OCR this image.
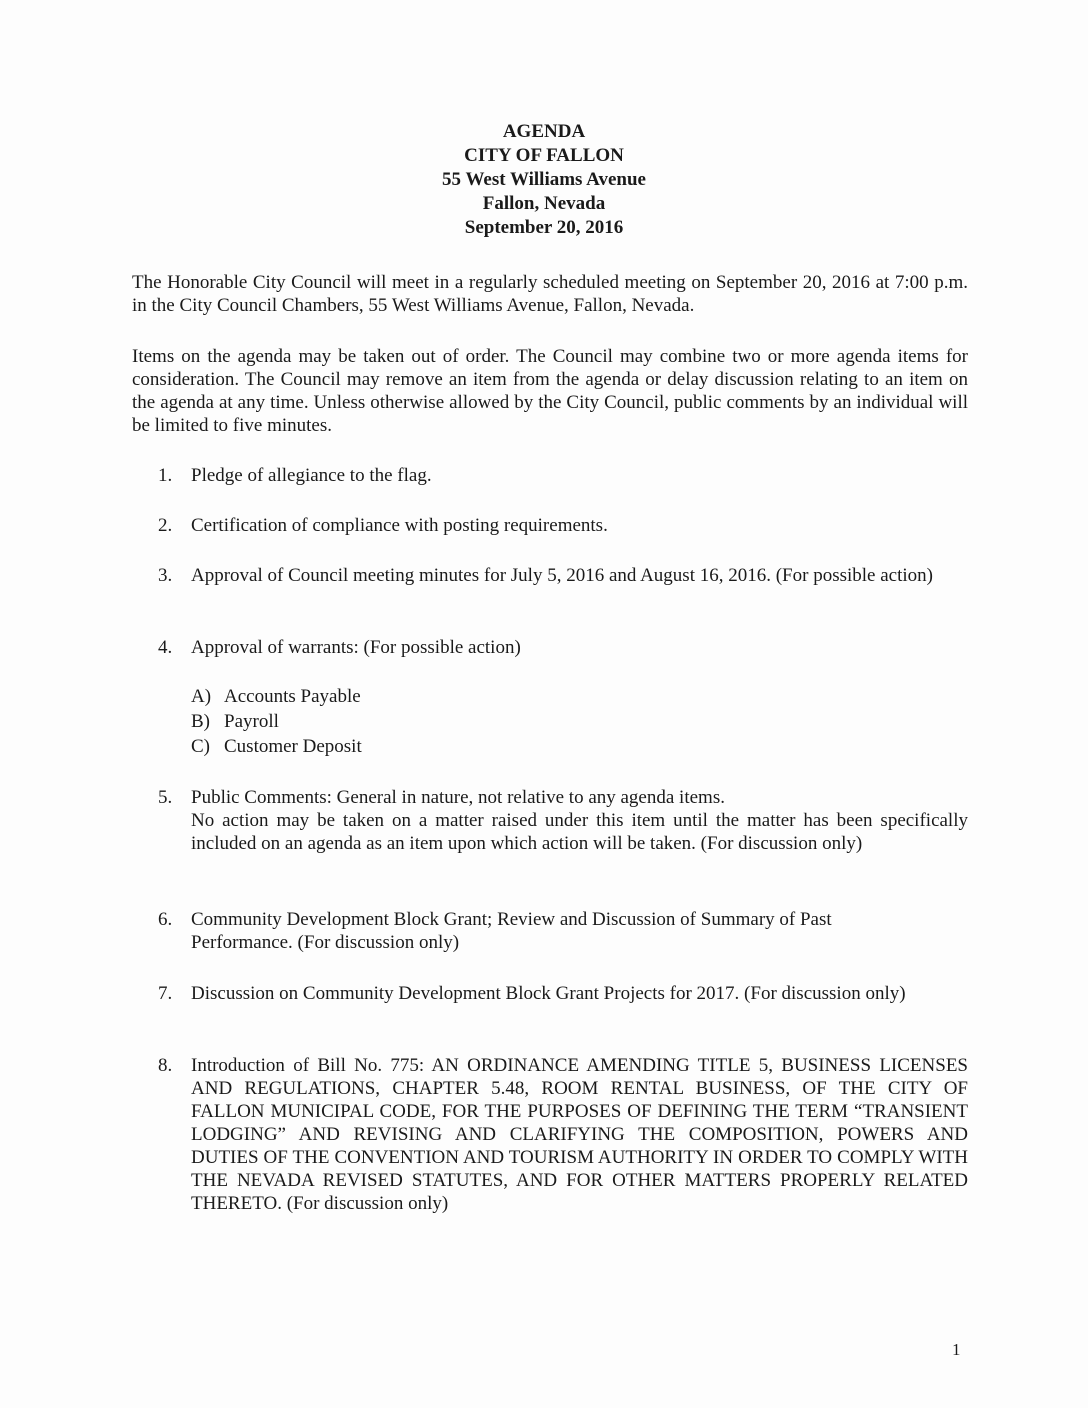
AGENDA
CITY OF FALLON
55 West Williams Avenue
Fallon, Nevada
September 20, 2016
The Honorable City Council will meet in a regularly scheduled meeting on September 20, 2016 at 7:00 p.m. in the City Council Chambers, 55 West Williams Avenue, Fallon, Nevada.
Items on the agenda may be taken out of order. The Council may combine two or more agenda items for consideration. The Council may remove an item from the agenda or delay discussion relating to an item on the agenda at any time. Unless otherwise allowed by the City Council, public comments by an individual will be limited to five minutes.
1. Pledge of allegiance to the flag.
2. Certification of compliance with posting requirements.
3. Approval of Council meeting minutes for July 5, 2016 and August 16, 2016. (For possible action)
4. Approval of warrants: (For possible action)
A) Accounts Payable
B) Payroll
C) Customer Deposit
5. Public Comments: General in nature, not relative to any agenda items.
No action may be taken on a matter raised under this item until the matter has been specifically included on an agenda as an item upon which action will be taken. (For discussion only)
6. Community Development Block Grant; Review and Discussion of Summary of Past Performance. (For discussion only)
7. Discussion on Community Development Block Grant Projects for 2017. (For discussion only)
8. Introduction of Bill No. 775: AN ORDINANCE AMENDING TITLE 5, BUSINESS LICENSES AND REGULATIONS, CHAPTER 5.48, ROOM RENTAL BUSINESS, OF THE CITY OF FALLON MUNICIPAL CODE, FOR THE PURPOSES OF DEFINING THE TERM “TRANSIENT LODGING” AND REVISING AND CLARIFYING THE COMPOSITION, POWERS AND DUTIES OF THE CONVENTION AND TOURISM AUTHORITY IN ORDER TO COMPLY WITH THE NEVADA REVISED STATUTES, AND FOR OTHER MATTERS PROPERLY RELATED THERETO. (For discussion only)
1
